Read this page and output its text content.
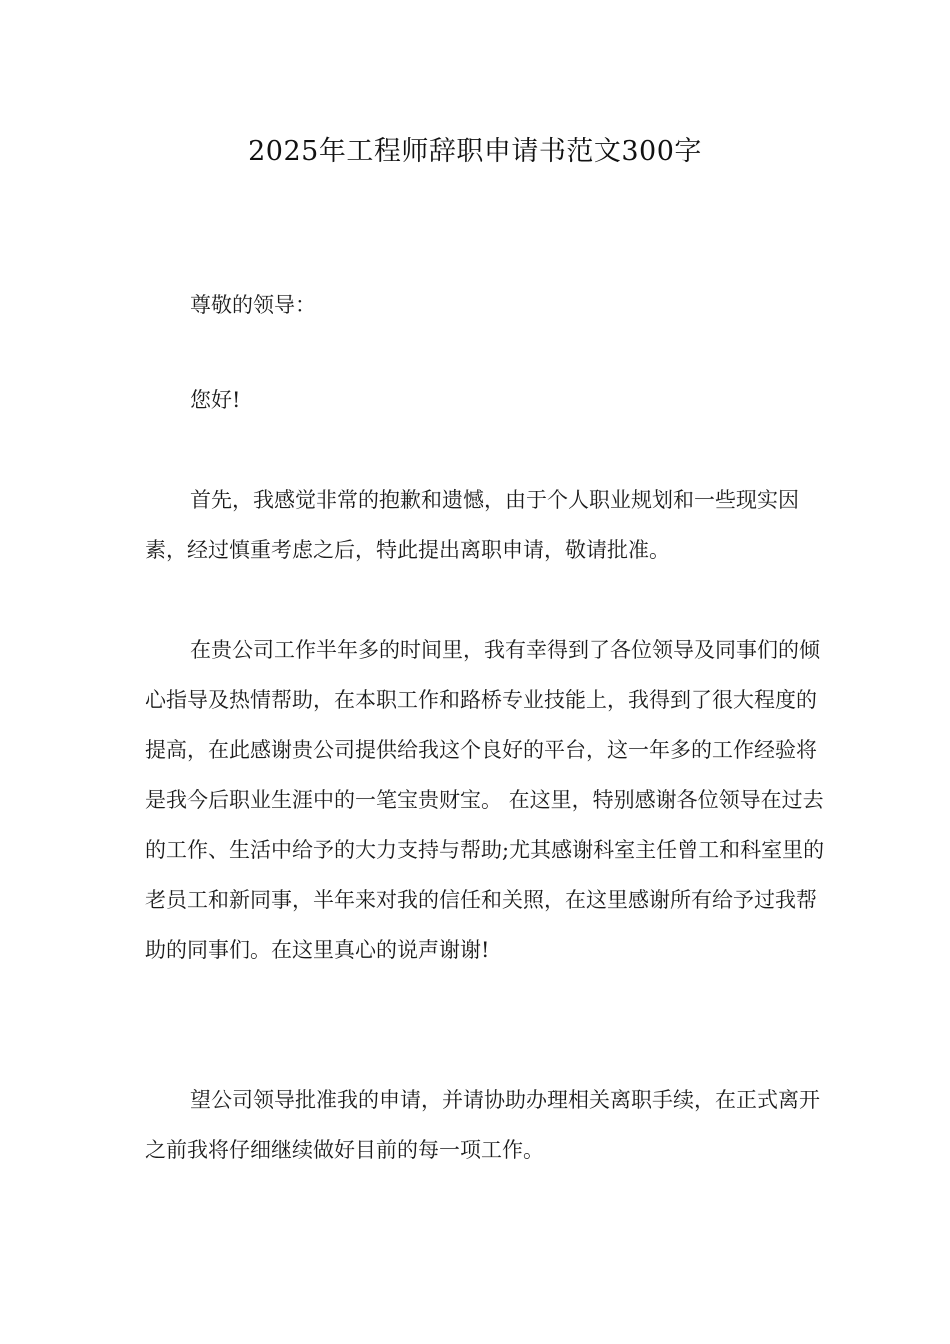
2025年工程师辞职申请书范文300字

尊敬的领导：

您好!

首先，我感觉非常的抱歉和遗憾，由于个人职业规划和一些现实因素，经过慎重考虑之后，特此提出离职申请，敬请批准。

在贵公司工作半年多的时间里，我有幸得到了各位领导及同事们的倾心指导及热情帮助，在本职工作和路桥专业技能上，我得到了很大程度的提高，在此感谢贵公司提供给我这个良好的平台，这一年多的工作经验将是我今后职业生涯中的一笔宝贵财宝。 在这里，特别感谢各位领导在过去的工作、生活中给予的大力支持与帮助;尤其感谢科室主任曾工和科室里的老员工和新同事，半年来对我的信任和关照，在这里感谢所有给予过我帮助的同事们。在这里真心的说声谢谢!

望公司领导批准我的申请，并请协助办理相关离职手续，在正式离开之前我将仔细继续做好目前的每一项工作。
